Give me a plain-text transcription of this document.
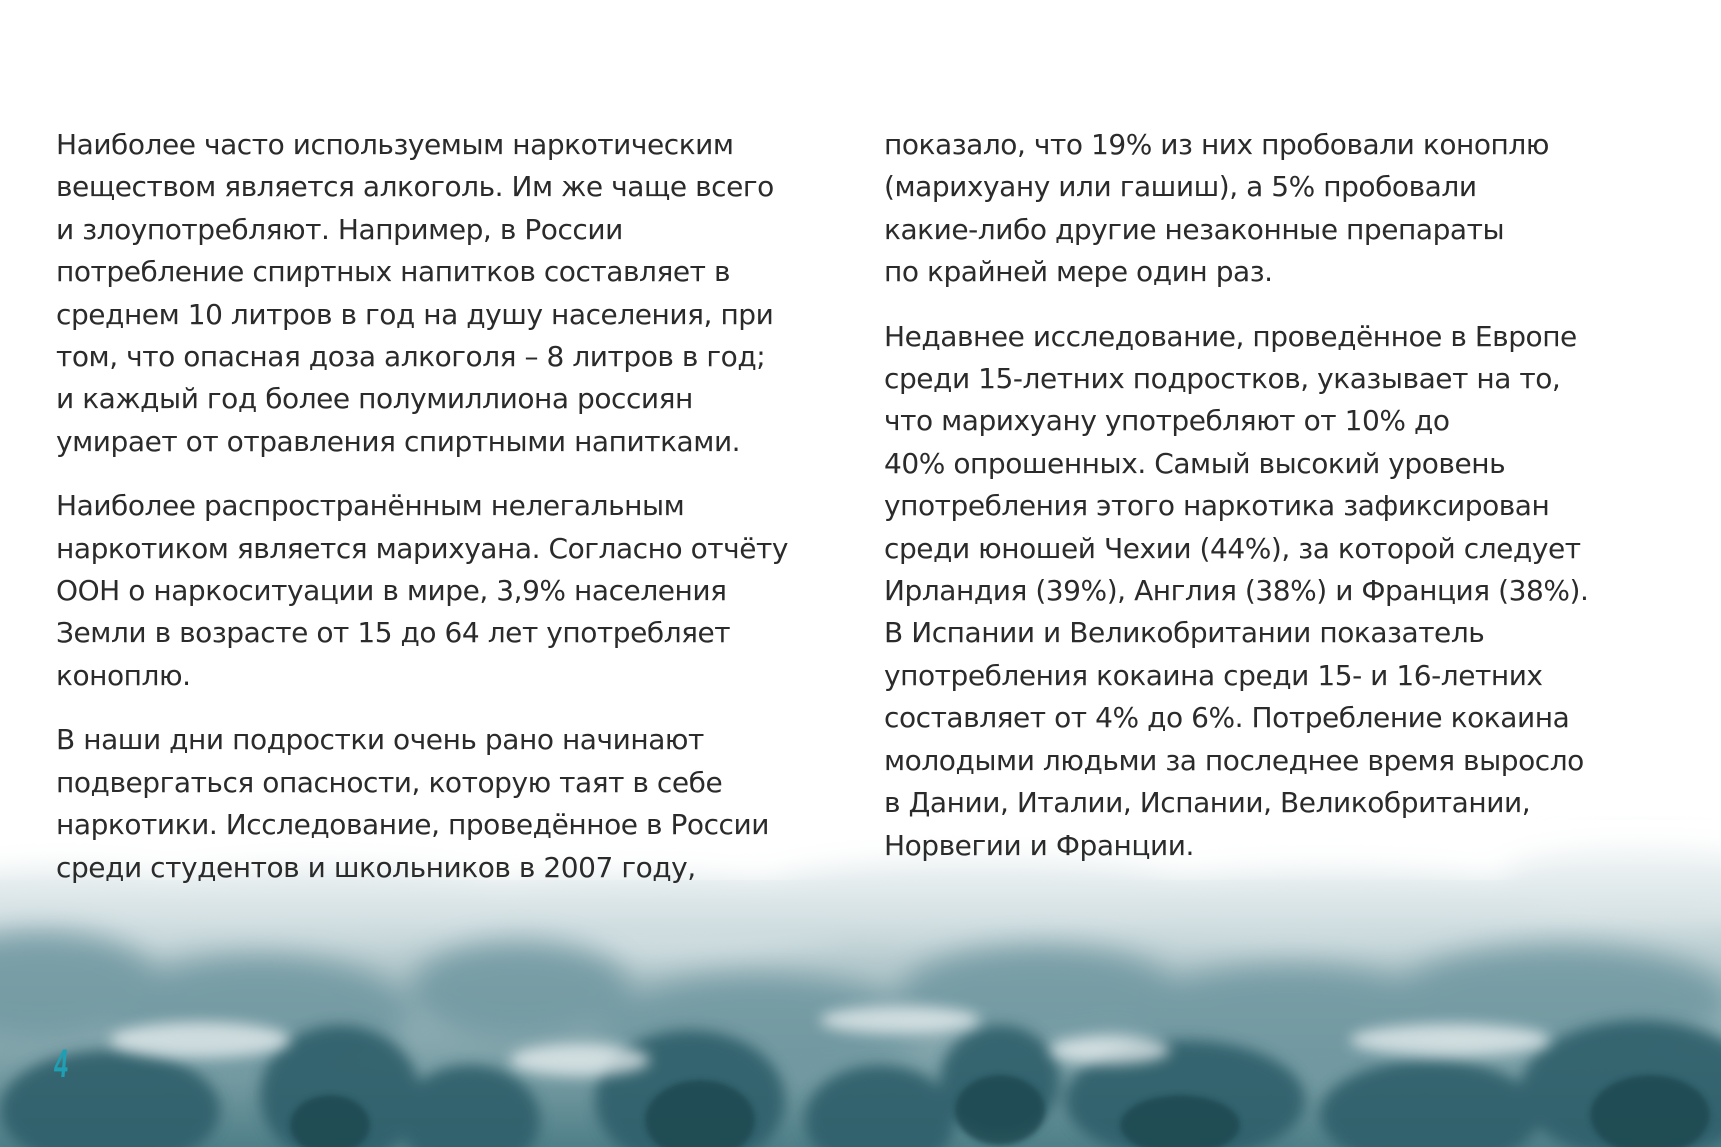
Наиболее часто используемым наркотическим
веществом является алкоголь. Им же чаще всего
и злоупотребляют. Например, в России
потребление спиртных напитков составляет в
среднем 10 литров в год на душу населения, при
том, что опасная доза алкоголя – 8 литров в год;
и каждый год более полумиллиона россиян
умирает от отравления спиртными напитками.

Наиболее распространённым нелегальным
наркотиком является марихуана. Согласно отчёту
ООН о наркоситуации в мире, 3,9% населения
Земли в возрасте от 15 до 64 лет употребляет
коноплю.

В наши дни подростки очень рано начинают
подвергаться опасности, которую таят в себе
наркотики. Исследование, проведённое в России
среди студентов и школьников в 2007 году,

показало, что 19% из них пробовали коноплю
(марихуану или гашиш), а 5% пробовали
какие-либо другие незаконные препараты
по крайней мере один раз.

Недавнее исследование, проведённое в Европе
среди 15-летних подростков, указывает на то,
что марихуану употребляют от 10% до
40% опрошенных. Самый высокий уровень
употребления этого наркотика зафиксирован
среди юношей Чехии (44%), за которой следует
Ирландия (39%), Англия (38%) и Франция (38%).
В Испании и Великобритании показатель
употребления кокаина среди 15- и 16-летних
составляет от 4% до 6%. Потребление кокаина
молодыми людьми за последнее время выросло
в Дании, Италии, Испании, Великобритании,
Норвегии и Франции.

4
